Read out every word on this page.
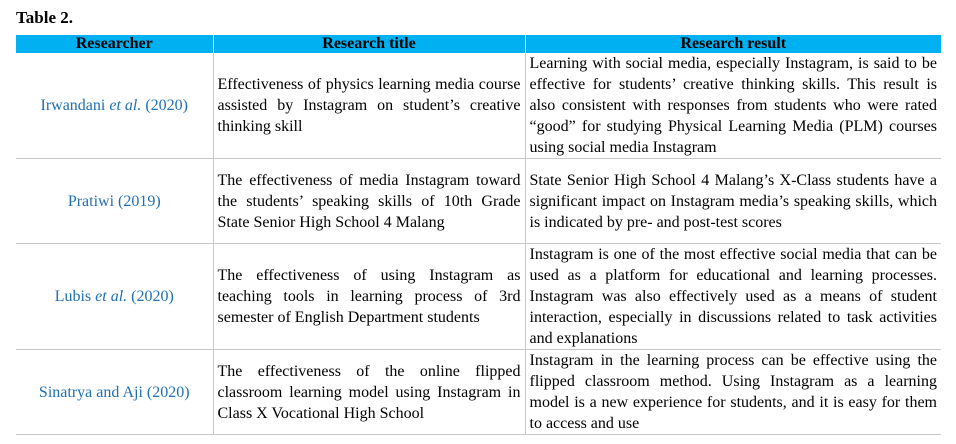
Table 2.
Researcher	Research title	Research result
Irwandani et al. (2020)	Effectiveness of physics learning media course assisted by Instagram on student’s creative thinking skill	Learning with social media, especially Instagram, is said to be effective for students’ creative thinking skills. This result is also consistent with responses from students who were rated “good” for studying Physical Learning Media (PLM) courses using social media Instagram
Pratiwi (2019)	The effectiveness of media Instagram toward the students’ speaking skills of 10th Grade State Senior High School 4 Malang	State Senior High School 4 Malang’s X-Class students have a significant impact on Instagram media’s speaking skills, which is indicated by pre- and post-test scores
Lubis et al. (2020)	The effectiveness of using Instagram as teaching tools in learning process of 3rd semester of English Department students	Instagram is one of the most effective social media that can be used as a platform for educational and learning processes. Instagram was also effectively used as a means of student interaction, especially in discussions related to task activities and explanations
Sinatrya and Aji (2020)	The effectiveness of the online flipped classroom learning model using Instagram in Class X Vocational High School	Instagram in the learning process can be effective using the flipped classroom method. Using Instagram as a learning model is a new experience for students, and it is easy for them to access and use
